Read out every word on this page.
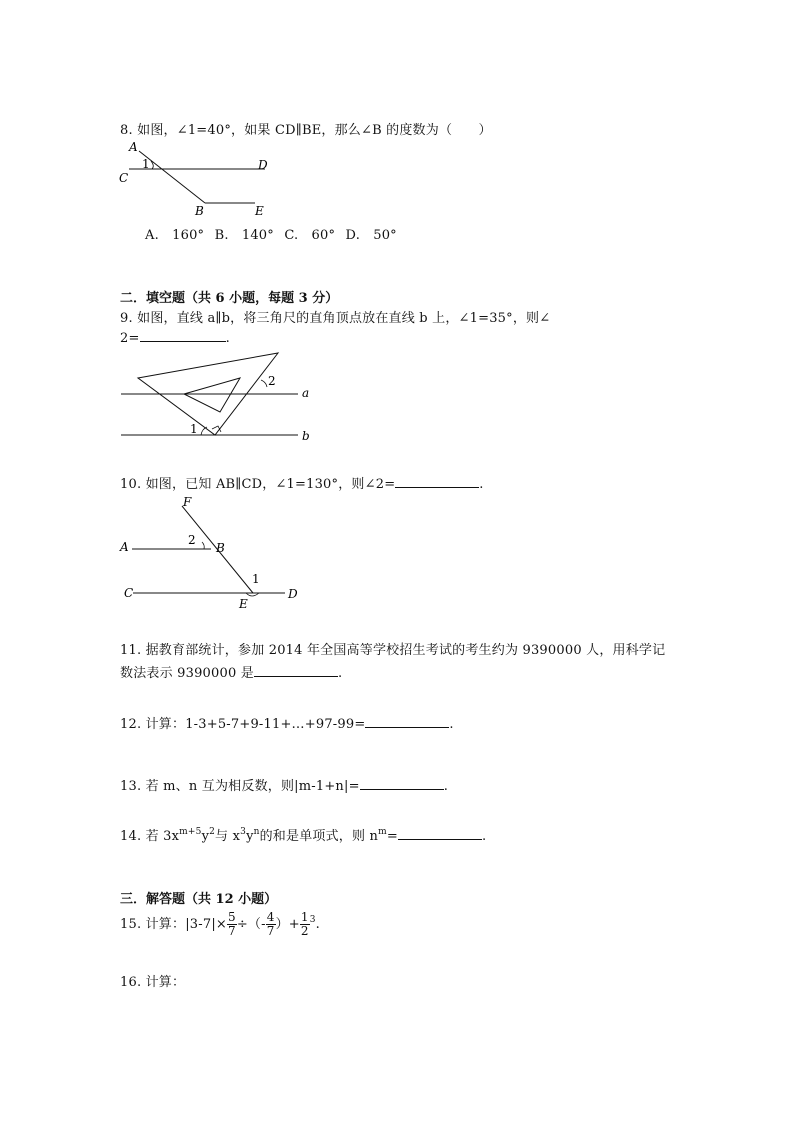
8. 如图，∠1=40°，如果 CD∥BE，那么∠B 的度数为（　　）
A
1
C
D
B	E
A.　160° B.　140° C.　60° D.　50°
二．填空题（共 6 小题，每题 3 分）
9. 如图，直线 a∥b，将三角尺的直角顶点放在直线 b 上，∠1=35°，则∠
2=	.
2
a
1	b
10. 如图，已知 AB∥CD，∠1=130°，则∠2=	.
F
2
B
A
1
C
E
D
11. 据教育部统计，参加 2014 年全国高等学校招生考试的考生约为 9390000 人，用科学记
数法表示 9390000 是	.
12. 计算：1-3+5-7+9-11+…+97-99=	.
13. 若 m、n 互为相反数，则|m-1+n|=	.
14. 若 $3x^{m+5}y^2$与 $x^3y^n$的和是单项式，则 $n^m=$	.
三．解答题（共 12 小题）
15. 计算：$|3-7|\times \frac{5}{7}$ ÷（- $\frac{4}{7}$ ）+ $\frac{1}{2} ^3$.
16. 计算：
